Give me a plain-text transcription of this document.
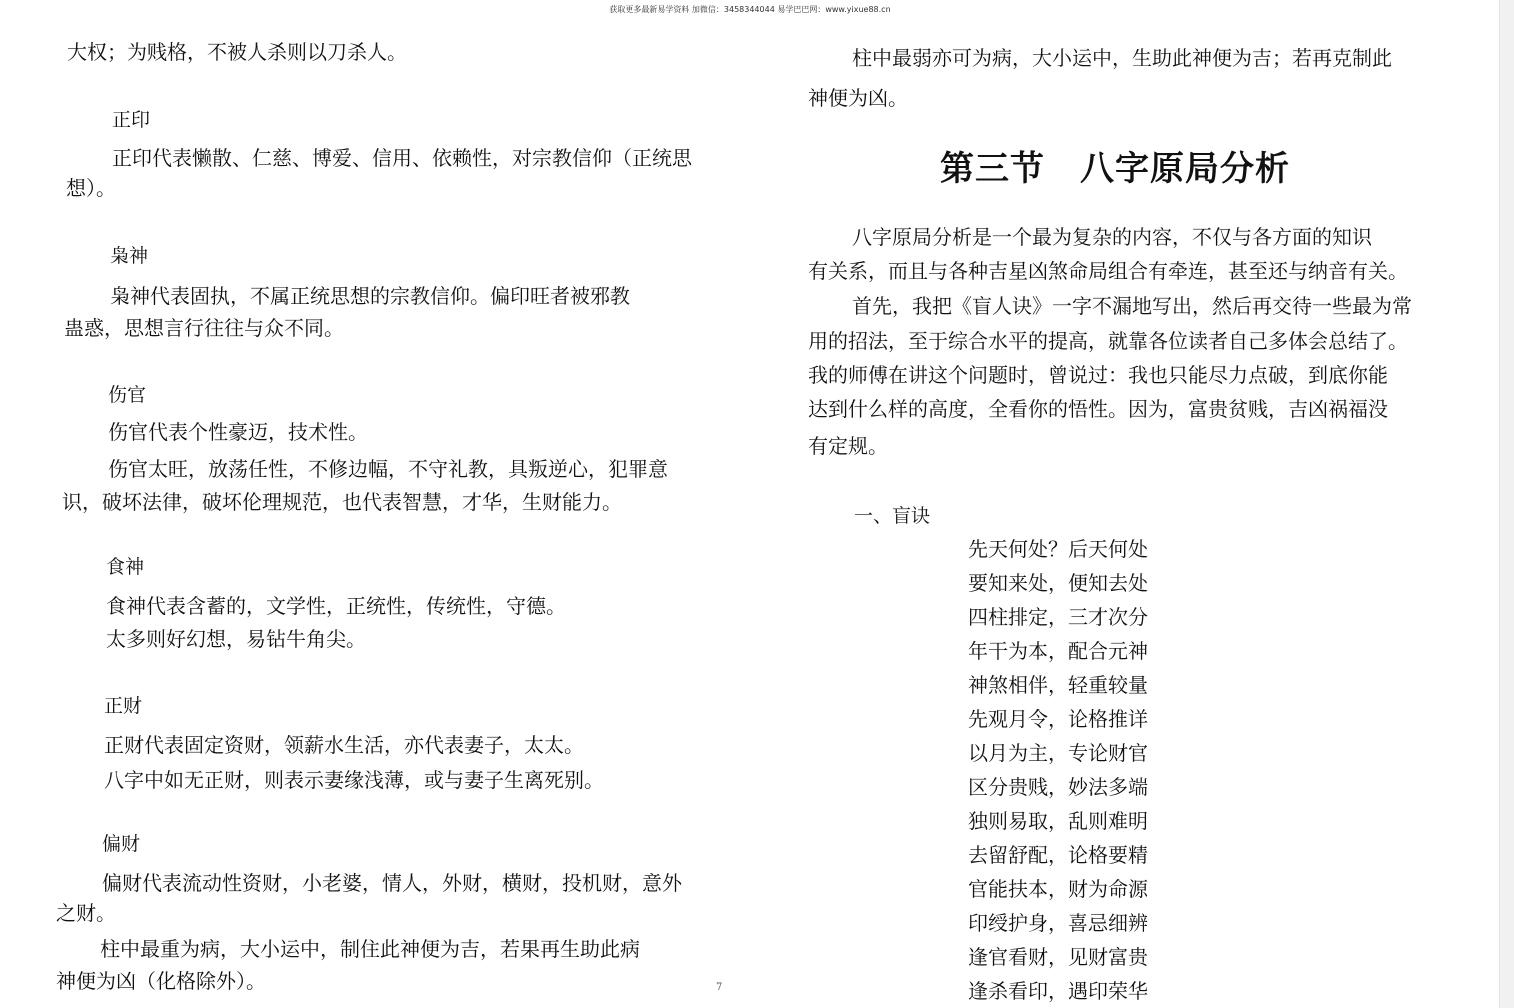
获取更多最新易学资料 加微信：3458344044 易学巴巴网：www.yixue88.cn
大权；为贱格，不被人杀则以刀杀人。
正印
正印代表懒散、仁慈、博爱、信用、依赖性，对宗教信仰（正统思
想）。
枭神
枭神代表固执，不属正统思想的宗教信仰。偏印旺者被邪教
蛊惑，思想言行往往与众不同。
伤官
伤官代表个性豪迈，技术性。
伤官太旺，放荡任性，不修边幅，不守礼教，具叛逆心，犯罪意
识，破坏法律，破坏伦理规范，也代表智慧，才华，生财能力。
食神
食神代表含蓄的，文学性，正统性，传统性，守德。
太多则好幻想，易钻牛角尖。
正财
正财代表固定资财，领薪水生活，亦代表妻子，太太。
八字中如无正财，则表示妻缘浅薄，或与妻子生离死别。
偏财
偏财代表流动性资财，小老婆，情人，外财，横财，投机财，意外
之财。
柱中最重为病，大小运中，制住此神便为吉，若果再生助此病
神便为凶（化格除外）。	7
柱中最弱亦可为病，大小运中，生助此神便为吉；若再克制此
神便为凶。
第三节　八字原局分析
八字原局分析是一个最为复杂的内容，不仅与各方面的知识
有关系，而且与各种吉星凶煞命局组合有牵连，甚至还与纳音有关。
首先，我把《盲人诀》一字不漏地写出，然后再交待一些最为常
用的招法，至于综合水平的提高，就靠各位读者自己多体会总结了。
我的师傅在讲这个问题时，曾说过：我也只能尽力点破，到底你能
达到什么样的高度，全看你的悟性。因为，富贵贫贱，吉凶祸福没
有定规。
一、盲诀
先天何处？后天何处
要知来处，便知去处
四柱排定，三才次分
年干为本，配合元神
神煞相伴，轻重较量
先观月令，论格推详
以月为主，专论财官
区分贵贱，妙法多端
独则易取，乱则难明
去留舒配，论格要精
官能扶本，财为命源
印绶护身，喜忌细辨
逢官看财，见财富贵
逢杀看印，遇印荣华
